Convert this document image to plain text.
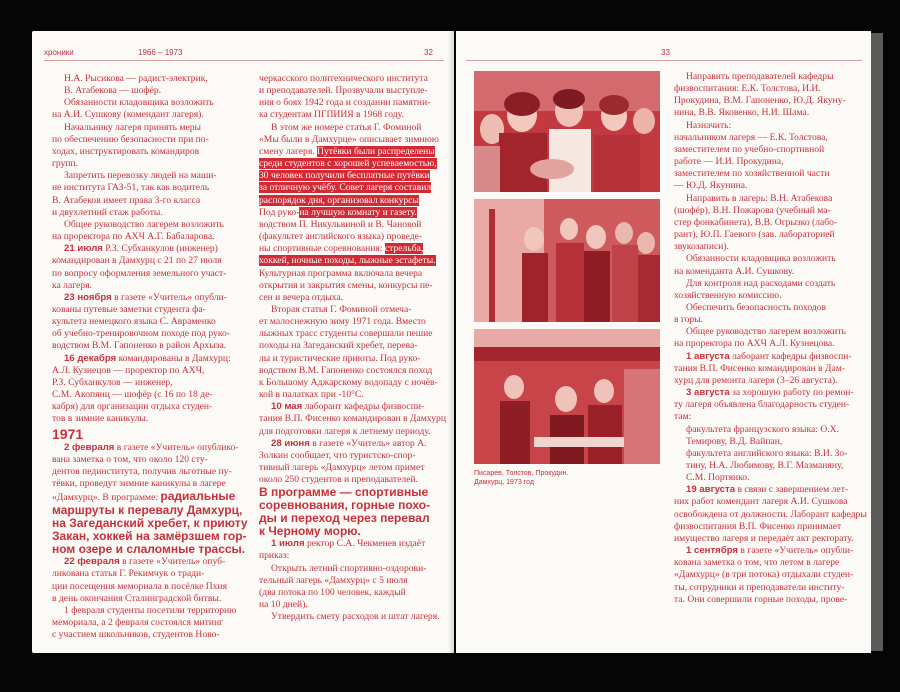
хроники	1966 – 1973	32

Н.А. Рысикова — радист-электрик,

В. Атабекова — шофёр.

Обязанности кладовщика возложить

на А.И. Сушкову (комендант лагеря).

Начальнику лагеря принять меры

по обеспечению безопасности при по-

ходах, инструктировать командиров

групп.

Запретить перевозку людей на маши-

не института ГАЗ-51, так как водитель

В. Атабеков имеет права 3-го класса

и двухлетний стаж работы.

Общее руководство лагерем возложить

на проректора по АХЧ А.Г. Бабаларова.

21 июля Р.З. Субханкулов (инженер)

командирован в Дамхурц с 21 по 27 июля

по вопросу оформления земельного участ-

ка лагеря.

23 ноября в газете «Учитель» опубли-

кованы путевые заметки студента фа-

культета немецкого языка С. Авраменко

об учебно-тренировочном походе под руко-

водством В.М. Гапоненко в район Архыза.

16 декабря командированы в Дамхурц:

А.Л. Кузнецов — проректор по АХЧ,

Р.З. Субханкулов — инженер,

С.М. Акопянц — шофёр (с 16 по 18 де-

кабря) для организации отдыха студен-

тов в зимние каникулы.

1971

2 февраля в газете «Учитель» опублико-

вана заметка о том, что около 120 сту-

дентов пединститута, получив льготные пу-

тёвки, проведут зимние каникулы в лагере

«Дамхурц». В программе: радиальные

маршруты к перевалу Дамхурц,

на Загеданский хребет, к приюту

Закан, хоккей на замёрзшем гор-

ном озере и слаломные трассы.

22 февраля в газете «Учитель» опуб-

ликована статья Г. Рекимчук о тради-

ции посещения мемориала в посёлке Пхия

в день окончания Сталинградской битвы.

1 февраля студенты посетили территорию

мемориала, а 2 февраля состоялся митинг

с участием школьников, студентов Ново-

черкасского политехнического института

и преподавателей. Прозвучали выступле-

ния о боях 1942 года и создании памятни-

ка студентам ПГПИИЯ в 1968 году.

В этом же номере статья Г. Фоминой

«Мы были в Дамхурце» описывает зимнюю

смену лагеря. Путёвки были распределены

среди студентов с хорошей успеваемостью,

30 человек получили бесплатные путёвки

за отличную учёбу. Совет лагеря составил

распорядок дня, организовал конкурсы

Под руко-на лучшую комнату и газету.

водством П. Никульвиной и В. Чановой

(факультет английского языка) проведе-

ны спортивные соревнования: стрельба,

хоккей, ночные походы, лыжные эстафеты.

Культурная программа включала вечера

открытия и закрытия смены, конкурсы пе-

сен и вечера отдыха.

Вторая статья Г. Фоминой отмеча-

ет малоснежную зиму 1971 года. Вместо

лыжных трасс студенты совершали пешие

походы на Загеданский хребет, перева-

лы и туристические приюты. Под руко-

водством В.М. Гапоненко состоялся поход

к Большому Аджарскому водопаду с ночёв-

кой в палатках при -10°С.

10 мая лаборант кафедры физвоспи-

тания В.П. Фисенко командирован в Дамхурц

для подготовки лагеря к летнему периоду.

28 июня в газете «Учитель» автор А.

Золкин сообщает, что туристско-спор-

тивный лагерь «Дамхурц» летом примет

около 250 студентов и преподавателей.

В программе — спортивные

соревнования, горные похо-

ды и переход через перевал

к Черному морю.

1 июля ректор С.А. Чекменев издаёт

приказ:

Открыть летний спортивно-оздорови-

тельный лагерь «Дамхурц» с 5 июля

(два потока по 100 человек, каждый

на 10 дней).

Утвердить смету расходов и штат лагеря.

33
Писарев, Толстов, Прокудин.
Дамхурц, 1973 год

Направить преподавателей кафедры

физвоспитания: Е.К. Толстова, И.И.

Прокудина, В.М. Гапоненко, Ю.Д. Якуну-

нина, В.В. Яковенко, Н.И. Шама.

Назначить:

начальником лагеря — Е.К. Толстова,

заместителем по учебно-спортивной

работе — И.И. Прокудина,

заместителем по хозяйственной части

— Ю.Д. Якунина.

Направить в лагерь: В.Н. Атабекова

(шофёр), В.Н. Пожарова (учебный ма-

стер фонкабинета), В.В. Огрызко (лабо-

рант), Ю.П. Гаевого (зав. лабораторией

звукозаписи).

Обязанности кладовщика возложить

на коменданта А.И. Сушкову.

Для контроля над расходами создать

хозяйственную комиссию.

Обеспечить безопасность походов

в горы.

Общее руководство лагерем возложить

на проректора по АХЧ А.Л. Кузнецова.

1 августа лаборант кафедры физвоспи-

тания В.П. Фисенко командирован в Дам-

хурц для ремонта лагеря (3–26 августа).

3 августа за хорошую работу по ремон-

ту лагеря объявлена благодарность студен-

там:

факультета французского языка: О.Х.

Темирову, В.Д. Вайпан,

факультета английского языка: В.И. Зо-

тину, Н.А. Любимову, В.Г. Мазманяну,

С.М. Портянко.

19 августа в связи с завершением лет-

них работ комендант лагеря А.И. Сушкова

освобождена от должности. Лаборант кафедры

физвоспитания В.П. Фисенко принимает

имущество лагеря и передаёт акт ректорату.

1 сентября в газете «Учитель» опубли-

кована заметка о том, что летом в лагере

«Дамхурц» (в три потока) отдыхали студен-

ты, сотрудники и преподаватели институ-

та. Они совершили горные походы, прове-
